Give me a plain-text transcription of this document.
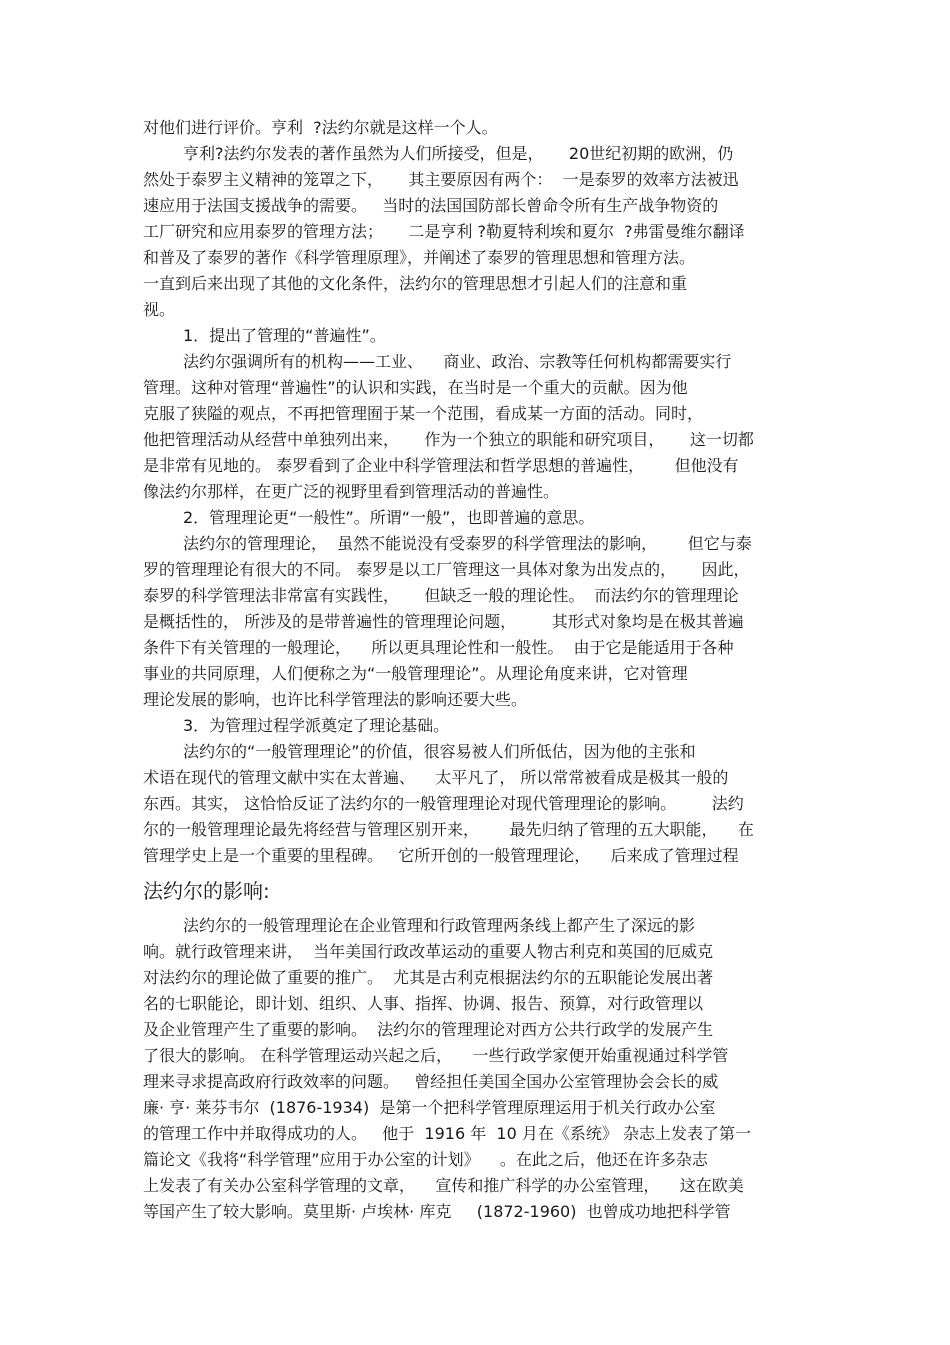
对他们进行评价。亨利  ?法约尔就是这样一个人。
亨利?法约尔发表的著作虽然为人们所接受，但是，     20世纪初期的欧洲，仍
然处于泰罗主义精神的笼罩之下，     其主要原因有两个：  一是泰罗的效率方法被迅
速应用于法国支援战争的需要。   当时的法国国防部长曾命令所有生产战争物资的
工厂研究和应用泰罗的管理方法；     二是亨利 ?勒夏特利埃和夏尔  ?弗雷曼维尔翻译
和普及了泰罗的著作《科学管理原理》，并阐述了泰罗的管理思想和管理方法。
一直到后来出现了其他的文化条件，法约尔的管理思想才引起人们的注意和重
视。
1．提出了管理的“普遍性”。
法约尔强调所有的机构——工业、    商业、政治、宗教等任何机构都需要实行
管理。这种对管理“普遍性”的认识和实践，在当时是一个重大的贡献。因为他
克服了狭隘的观点，不再把管理囿于某一个范围，看成某一方面的活动。同时，
他把管理活动从经营中单独列出来，     作为一个独立的职能和研究项目，     这一切都
是非常有见地的。 泰罗看到了企业中科学管理法和哲学思想的普遍性，      但他没有
像法约尔那样，在更广泛的视野里看到管理活动的普遍性。
2．管理理论更“一般性”。所谓“一般”，也即普遍的意思。
法约尔的管理理论，  虽然不能说没有受泰罗的科学管理法的影响，      但它与泰
罗的管理理论有很大的不同。 泰罗是以工厂管理这一具体对象为出发点的，     因此，
泰罗的科学管理法非常富有实践性，     但缺乏一般的理论性。  而法约尔的管理理论
是概括性的， 所涉及的是带普遍性的管理理论问题，       其形式对象均是在极其普遍
条件下有关管理的一般理论，    所以更具理论性和一般性。  由于它是能适用于各种
事业的共同原理，人们便称之为“一般管理理论”。从理论角度来讲，它对管理
理论发展的影响，也许比科学管理法的影响还要大些。
3．为管理过程学派奠定了理论基础。
法约尔的“一般管理理论”的价值，很容易被人们所低估，因为他的主张和
术语在现代的管理文献中实在太普遍、    太平凡了， 所以常常被看成是极其一般的
东西。其实， 这恰恰反证了法约尔的一般管理理论对现代管理理论的影响。       法约
尔的一般管理理论最先将经营与管理区别开来，      最先归纳了管理的五大职能，    在
管理学史上是一个重要的里程碑。   它所开创的一般管理理论，    后来成了管理过程
法约尔的影响:
法约尔的一般管理理论在企业管理和行政管理两条线上都产生了深远的影
响。就行政管理来讲，  当年美国行政改革运动的重要人物古利克和英国的厄威克
对法约尔的理论做了重要的推广。  尤其是古利克根据法约尔的五职能论发展出著
名的七职能论，即计划、组织、人事、指挥、协调、报告、预算，对行政管理以
及企业管理产生了重要的影响。  法约尔的管理理论对西方公共行政学的发展产生
了很大的影响。 在科学管理运动兴起之后，    一些行政学家便开始重视通过科学管
理来寻求提高政府行政效率的问题。   曾经担任美国全国办公室管理协会会长的威
廉· 亨· 莱芬韦尔  (1876-1934)  是第一个把科学管理原理运用于机关行政办公室
的管理工作中并取得成功的人。   他于  1916 年  10 月在《系统》 杂志上发表了第一
篇论文《我将“科学管理”应用于办公室的计划》    。在此之后，他还在许多杂志
上发表了有关办公室科学管理的文章，    宣传和推广科学的办公室管理，    这在欧美
等国产生了较大影响。莫里斯· 卢埃林· 库克     (1872-1960)  也曾成功地把科学管
